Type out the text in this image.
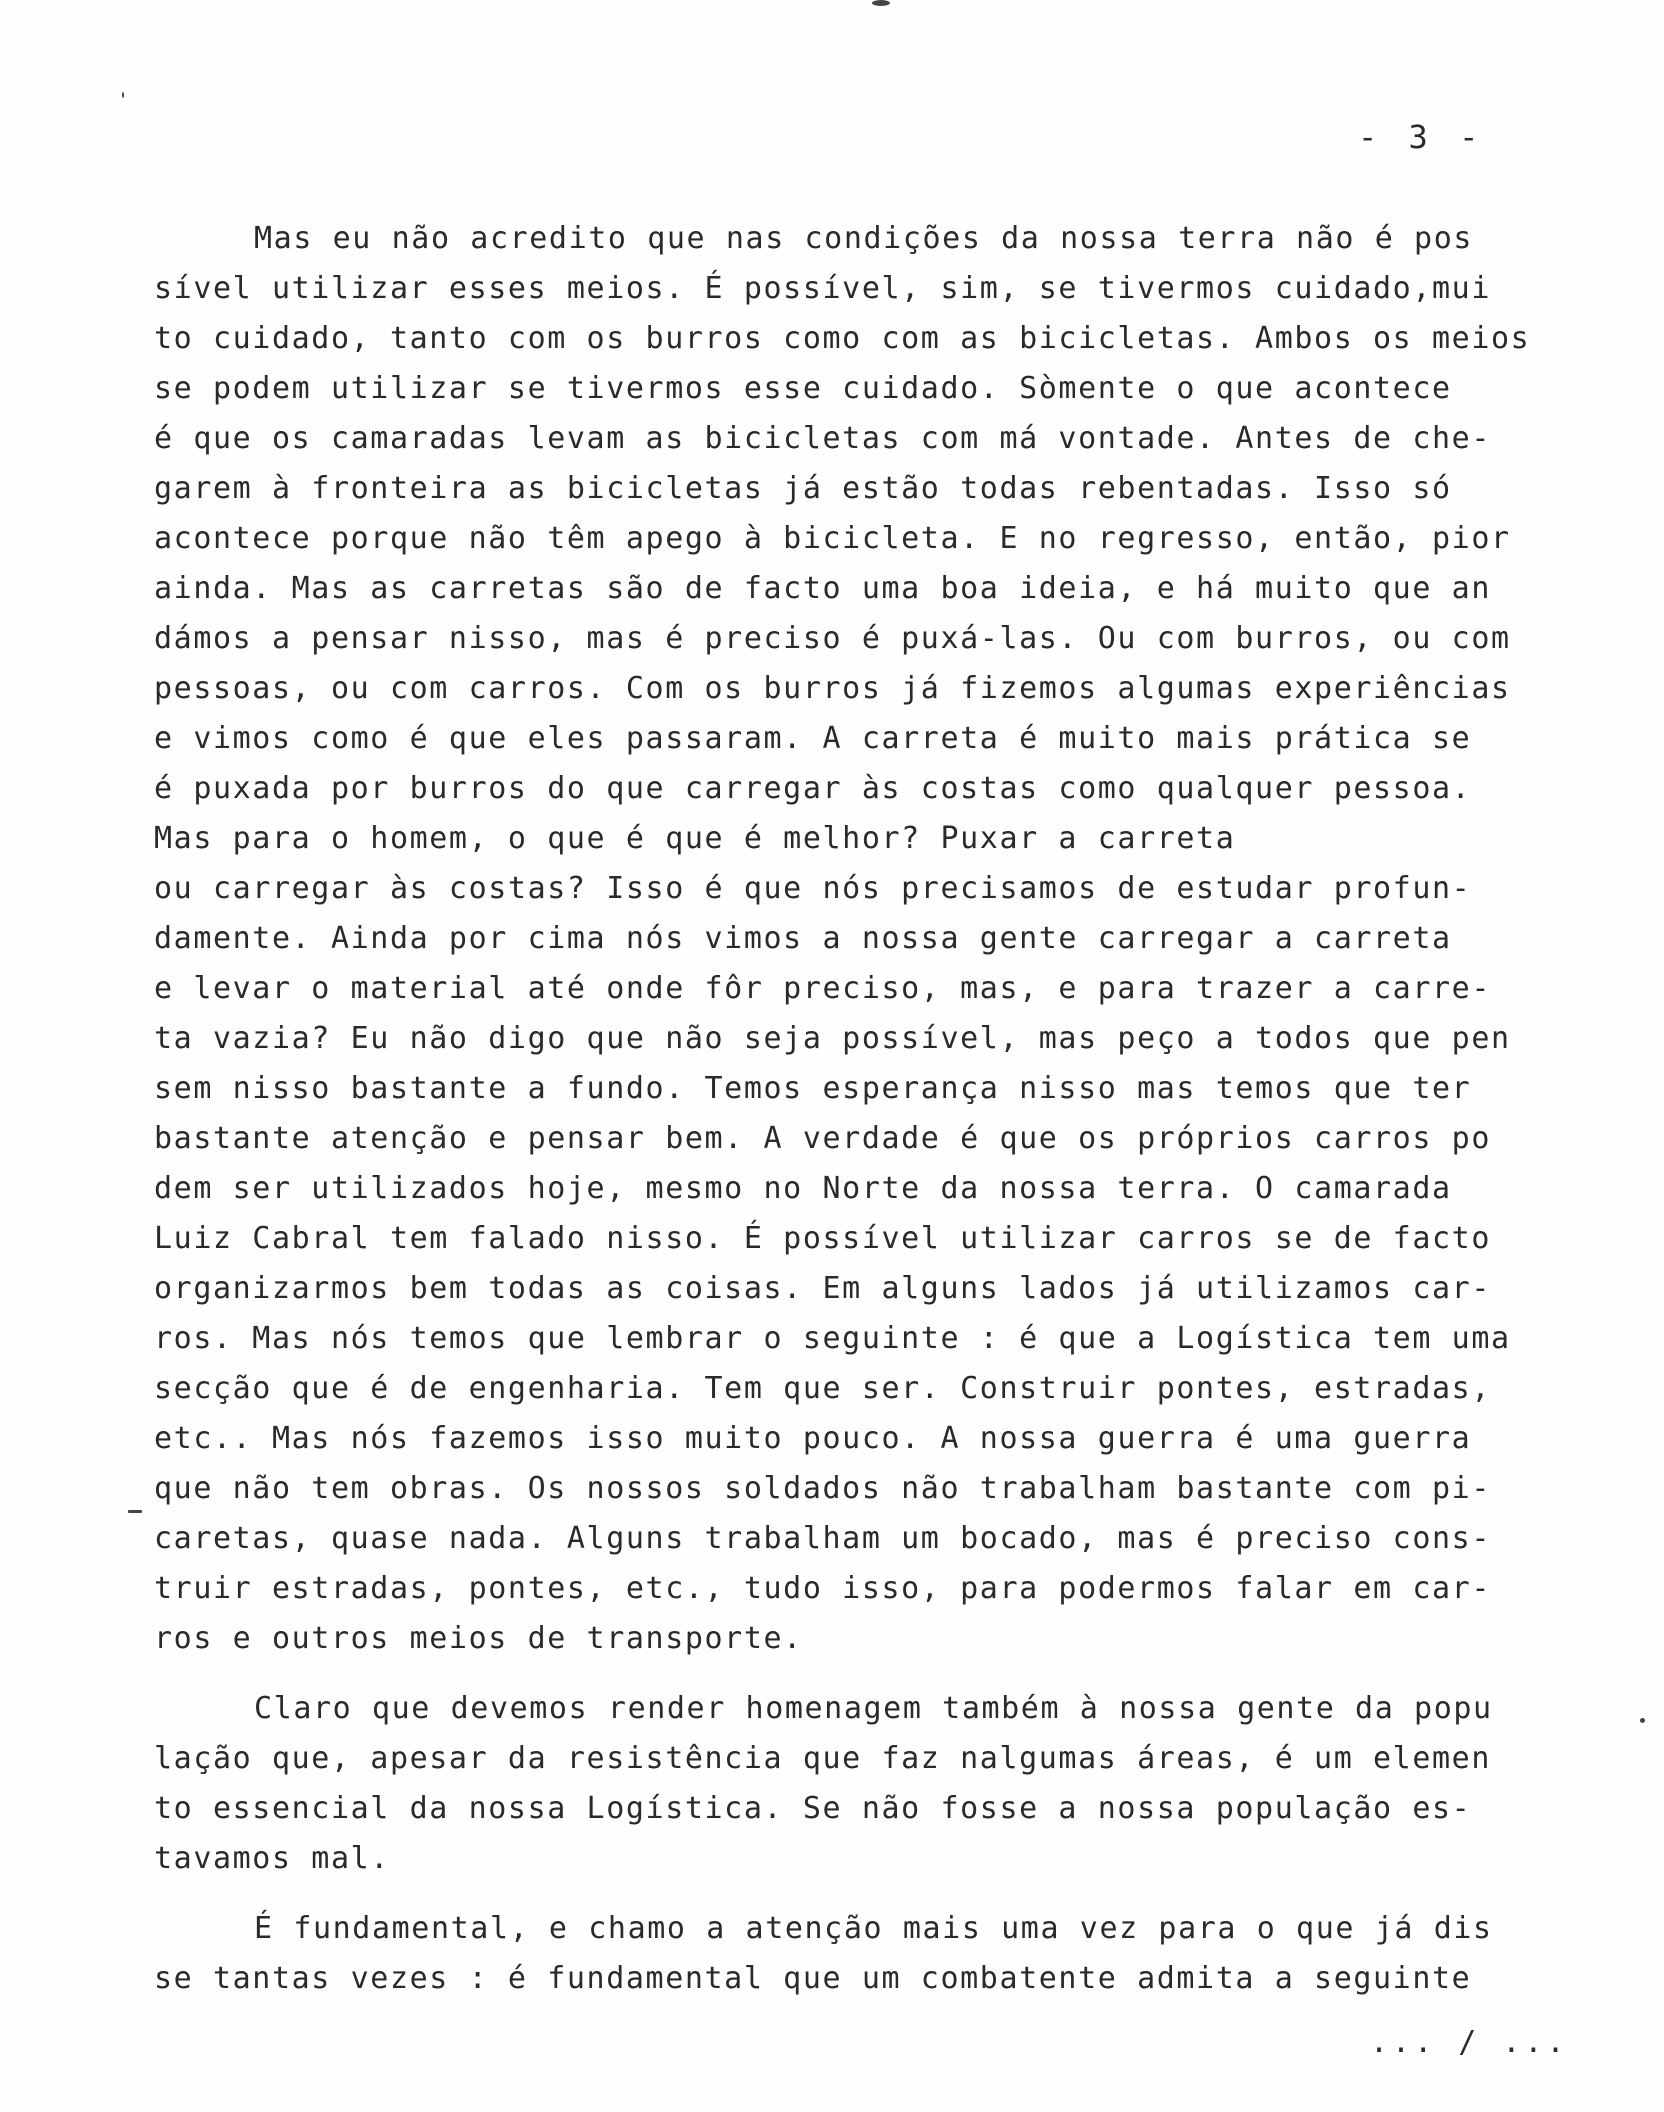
- 3 -
Mas eu não acredito que nas condições da nossa terra não é pos
sível utilizar esses meios. É possível, sim, se tivermos cuidado,mui
to cuidado, tanto com os burros como com as bicicletas. Ambos os meios
se podem utilizar se tivermos esse cuidado. Sòmente o que acontece
é que os camaradas levam as bicicletas com má vontade. Antes de che-
garem à fronteira as bicicletas já estão todas rebentadas. Isso só
acontece porque não têm apego à bicicleta. E no regresso, então, pior
ainda. Mas as carretas são de facto uma boa ideia, e há muito que an
dámos a pensar nisso, mas é preciso é puxá-las. Ou com burros, ou com
pessoas, ou com carros. Com os burros já fizemos algumas experiências
e vimos como é que eles passaram. A carreta é muito mais prática se
é puxada por burros do que carregar às costas como qualquer pessoa.
Mas para o homem, o que é que é melhor? Puxar a carreta
ou carregar às costas? Isso é que nós precisamos de estudar profun-
damente. Ainda por cima nós vimos a nossa gente carregar a carreta
e levar o material até onde fôr preciso, mas, e para trazer a carre-
ta vazia? Eu não digo que não seja possível, mas peço a todos que pen
sem nisso bastante a fundo. Temos esperança nisso mas temos que ter
bastante atenção e pensar bem. A verdade é que os próprios carros po
dem ser utilizados hoje, mesmo no Norte da nossa terra. O camarada
Luiz Cabral tem falado nisso. É possível utilizar carros se de facto
organizarmos bem todas as coisas. Em alguns lados já utilizamos car-
ros. Mas nós temos que lembrar o seguinte : é que a Logística tem uma
secção que é de engenharia. Tem que ser. Construir pontes, estradas,
etc.. Mas nós fazemos isso muito pouco. A nossa guerra é uma guerra
que não tem obras. Os nossos soldados não trabalham bastante com pi-
caretas, quase nada. Alguns trabalham um bocado, mas é preciso cons-
truir estradas, pontes, etc., tudo isso, para podermos falar em car-
ros e outros meios de transporte.
Claro que devemos render homenagem também à nossa gente da popu
lação que, apesar da resistência que faz nalgumas áreas, é um elemen
to essencial da nossa Logística. Se não fosse a nossa população es-
tavamos mal.
É fundamental, e chamo a atenção mais uma vez para o que já dis
se tantas vezes : é fundamental que um combatente admita a seguinte
... / ...
